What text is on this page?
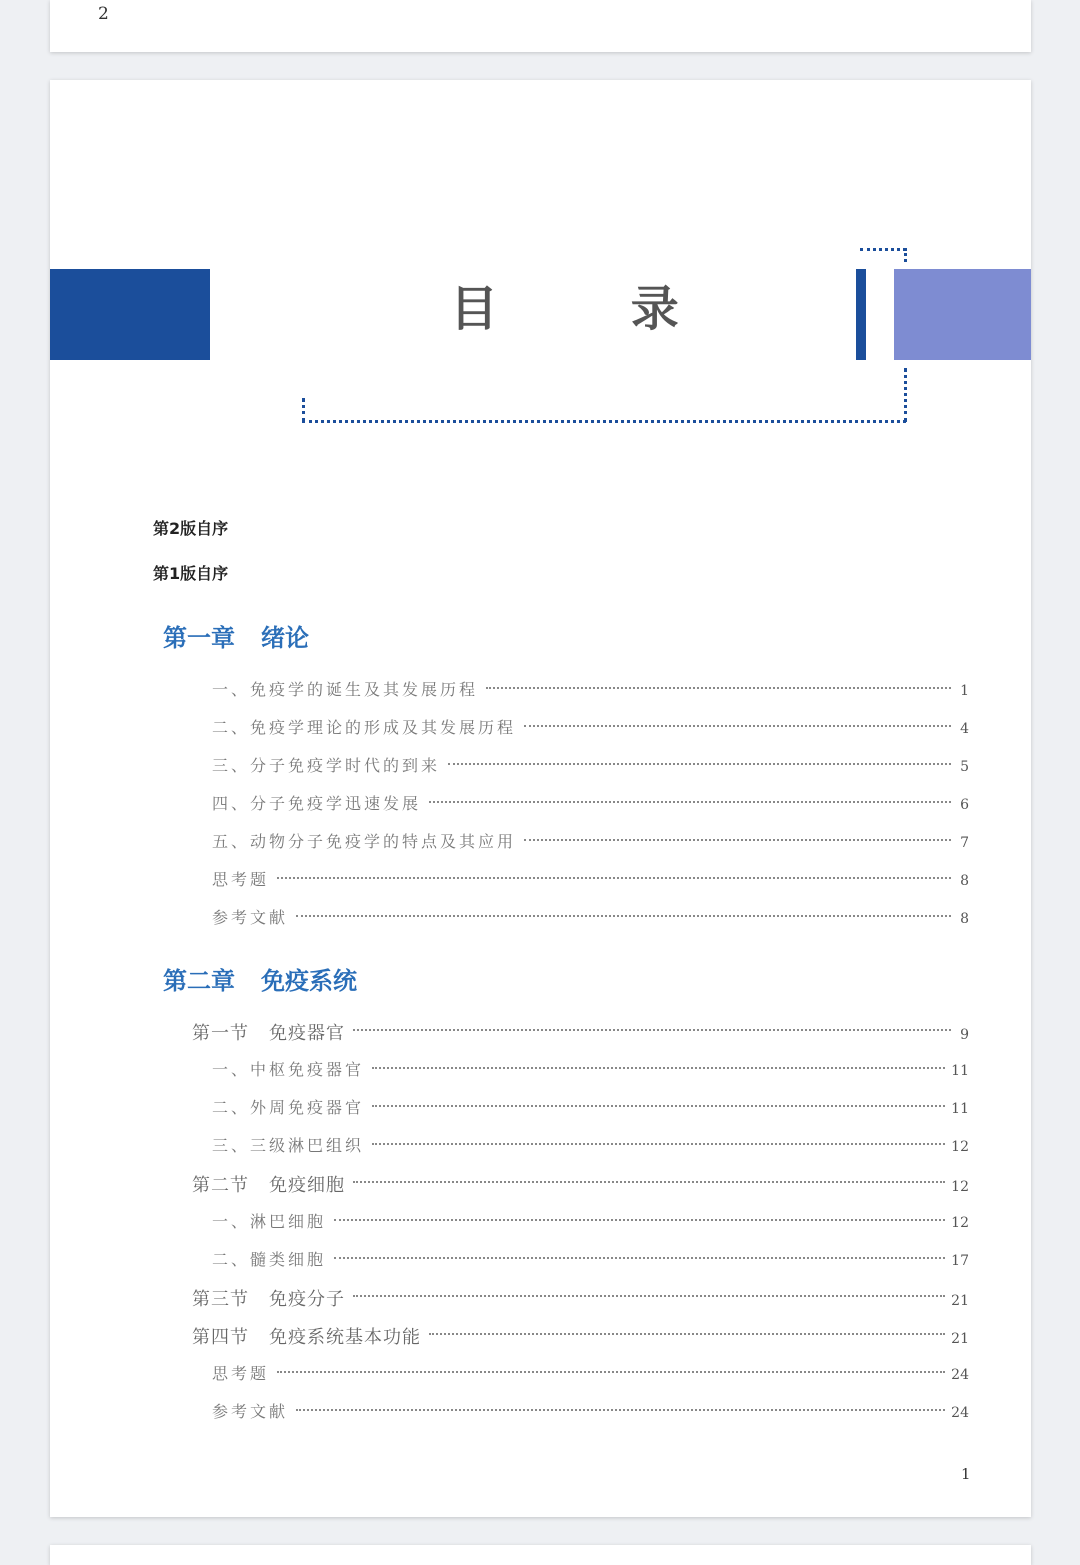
2
目 录
第2版自序
第1版自序
第一章 绪论
一、免疫学的诞生及其发展历程	1
二、免疫学理论的形成及其发展历程	4
三、分子免疫学时代的到来	5
四、分子免疫学迅速发展	6
五、动物分子免疫学的特点及其应用	7
思考题	8
参考文献	8
第二章 免疫系统
第一节 免疫器官	9
一、中枢免疫器官	11
二、外周免疫器官	11
三、三级淋巴组织	12
第二节 免疫细胞	12
一、淋巴细胞	12
二、髓类细胞	17
第三节 免疫分子	21
第四节 免疫系统基本功能	21
思考题	24
参考文献	24
1
